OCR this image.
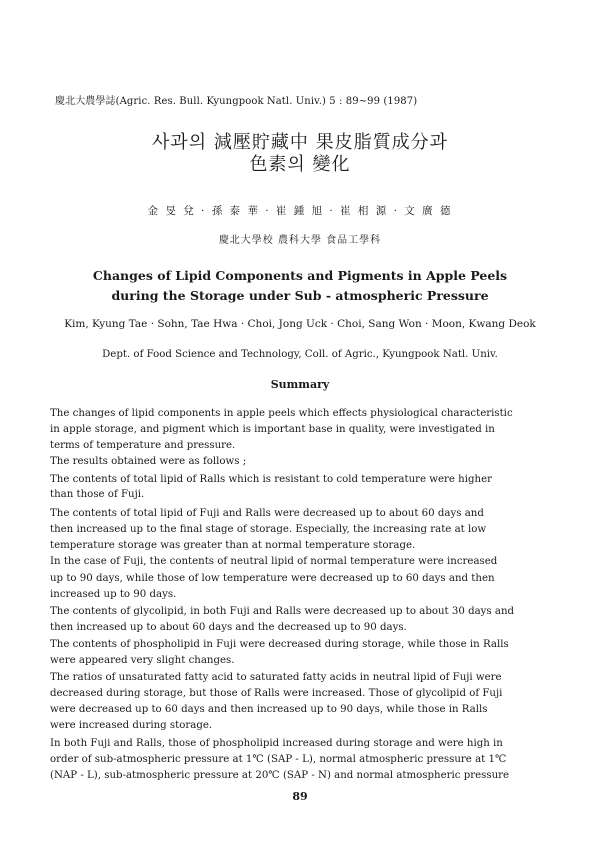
慶北大農學誌(Agric. Res. Bull. Kyungpook Natl. Univ.) 5 : 89∼99 (1987)
사과의 減壓貯藏中 果皮脂質成分과
色素의 變化
金 旻 兌 · 孫 泰 華 · 崔 鍾 旭 · 崔 相 源 · 文 廣 德
慶北大學校 農科大學 食品工學科
Changes of Lipid Components and Pigments in Apple Peels
during the Storage under Sub - atmospheric Pressure
Kim, Kyung Tae · Sohn, Tae Hwa · Choi, Jong Uck · Choi, Sang Won · Moon, Kwang Deok
Dept. of Food Science and Technology, Coll. of Agric., Kyungpook Natl. Univ.
Summary
The changes of lipid components in apple peels which effects physiological characteristic
in apple storage, and pigment which is important base in quality, were investigated in
terms of temperature and pressure.
The results obtained were as follows ;
The contents of total lipid of Ralls which is resistant to cold temperature were higher
than those of Fuji.
The contents of total lipid of Fuji and Ralls were decreased up to about 60 days and
then increased up to the final stage of storage. Especially, the increasing rate at low
temperature storage was greater than at normal temperature storage.
In the case of Fuji, the contents of neutral lipid of normal temperature were increased
up to 90 days, while those of low temperature were decreased up to 60 days and then
increased up to 90 days.
The contents of glycolipid, in both Fuji and Ralls were decreased up to about 30 days and
then increased up to about 60 days and the decreased up to 90 days.
The contents of phospholipid in Fuji were decreased during storage, while those in Ralls
were appeared very slight changes.
The ratios of unsaturated fatty acid to saturated fatty acids in neutral lipid of Fuji were
decreased during storage, but those of Ralls were increased. Those of glycolipid of Fuji
were decreased up to 60 days and then increased up to 90 days, while those in Ralls
were increased during storage.
In both Fuji and Ralls, those of phospholipid increased during storage and were high in
order of sub-atmospheric pressure at 1℃ (SAP - L), normal atmospheric pressure at 1℃
(NAP - L), sub-atmospheric pressure at 20℃ (SAP - N) and normal atmospheric pressure
89
